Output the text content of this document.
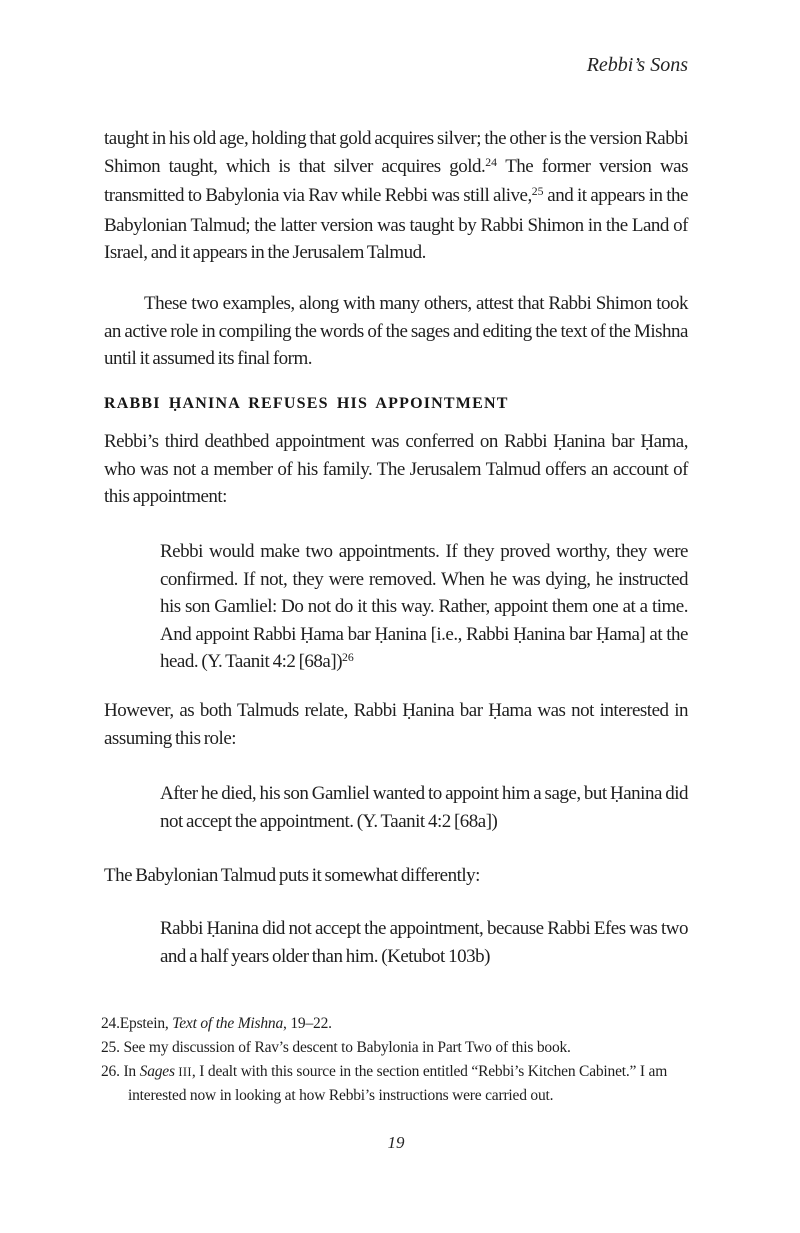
Rebbi’s Sons

taught in his old age, holding that gold acquires silver; the other is the version Rabbi Shimon taught, which is that silver acquires gold.$^{24}$ The former version was transmitted to Babylonia via Rav while Rebbi was still alive,$^{25}$ and it appears in the Babylonian Talmud; the latter version was taught by Rabbi Shimon in the Land of Israel, and it appears in the Jerusalem Talmud.

These two examples, along with many others, attest that Rabbi Shimon took an active role in compiling the words of the sages and editing the text of the Mishna until it assumed its final form.

RABBI ḤANINA REFUSES HIS APPOINTMENT

Rebbi’s third deathbed appointment was conferred on Rabbi Ḥanina bar Ḥama, who was not a member of his family. The Jerusalem Talmud offers an account of this appointment:

Rebbi would make two appointments. If they proved worthy, they were confirmed. If not, they were removed. When he was dying, he instructed his son Gamliel: Do not do it this way. Rather, appoint them one at a time. And appoint Rabbi Ḥama bar Ḥanina [i.e., Rabbi Ḥanina bar Ḥama] at the head. (Y. Taanit 4:2 [68a])$^{26}$

However, as both Talmuds relate, Rabbi Ḥanina bar Ḥama was not interested in assuming this role:

After he died, his son Gamliel wanted to appoint him a sage, but Ḥanina did not accept the appointment. (Y. Taanit 4:2 [68a])

The Babylonian Talmud puts it somewhat differently:

Rabbi Ḥanina did not accept the appointment, because Rabbi Efes was two and a half years older than him. (Ketubot 103b)

24.Epstein, Text of the Mishna, 19–22.

25. See my discussion of Rav’s descent to Babylonia in Part Two of this book.

26. In Sages III, I dealt with this source in the section entitled “Rebbi’s Kitchen Cabinet.” I am interested now in looking at how Rebbi’s instructions were carried out.

19
